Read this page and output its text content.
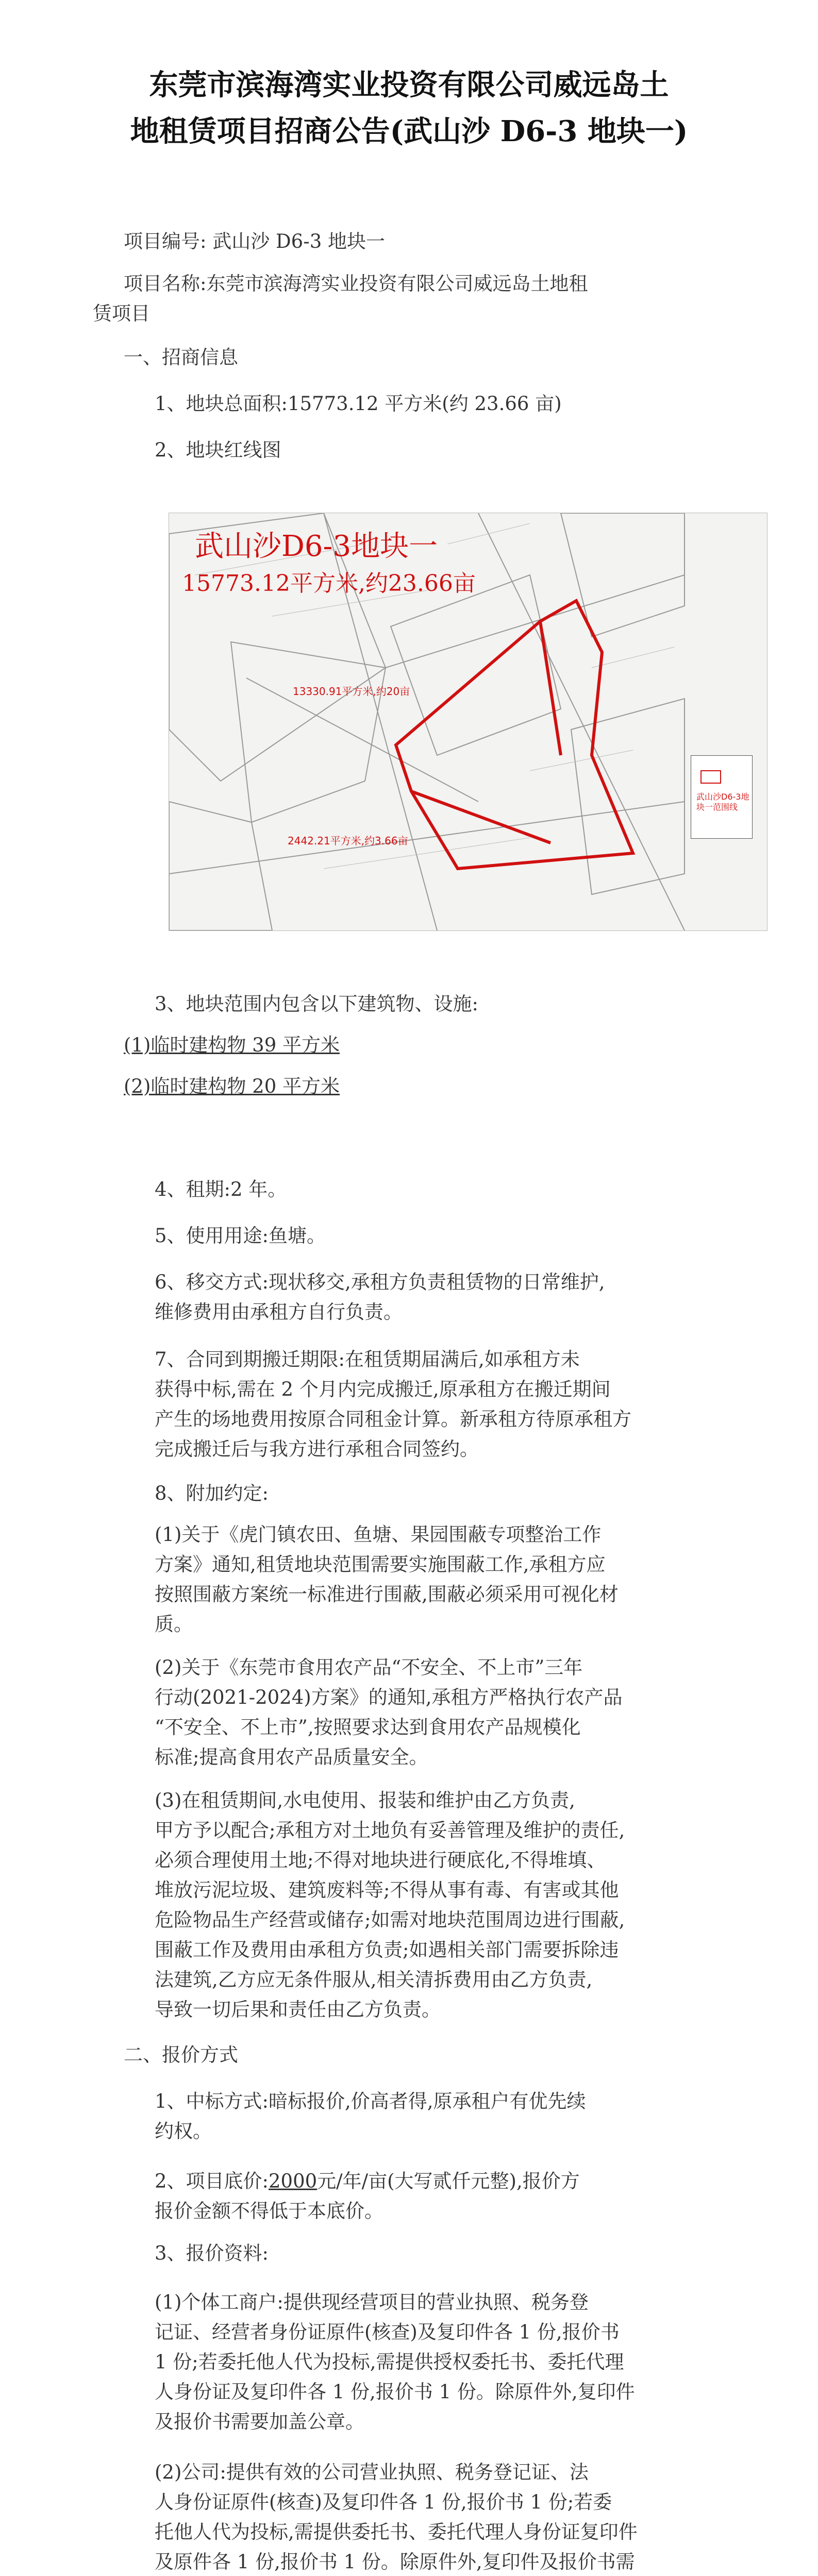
东莞市滨海湾实业投资有限公司威远岛土
地租赁项目招商公告(武山沙 D6-3 地块一)
项目编号: 武山沙 D6-3 地块一
项目名称:东莞市滨海湾实业投资有限公司威远岛土地租
赁项目
一、招商信息
1、地块总面积:15773.12 平方米(约 23.66 亩)
2、地块红线图
武山沙D6-3地块一
15773.12平方米,约23.66亩
13330.91平方米,约20亩
2442.21平方米,约3.66亩
武山沙D6-3地块一范围线
3、地块范围内包含以下建筑物、设施:
(1)临时建构物 39 平方米
(2)临时建构物 20 平方米
4、租期:2 年。
5、使用用途:鱼塘。
6、移交方式:现状移交,承租方负责租赁物的日常维护,
维修费用由承租方自行负责。
7、合同到期搬迁期限:在租赁期届满后,如承租方未
获得中标,需在 2 个月内完成搬迁,原承租方在搬迁期间
产生的场地费用按原合同租金计算。新承租方待原承租方
完成搬迁后与我方进行承租合同签约。
8、附加约定:
(1)关于《虎门镇农田、鱼塘、果园围蔽专项整治工作
方案》通知,租赁地块范围需要实施围蔽工作,承租方应
按照围蔽方案统一标准进行围蔽,围蔽必须采用可视化材
质。
(2)关于《东莞市食用农产品“不安全、不上市”三年
行动(2021-2024)方案》的通知,承租方严格执行农产品
“不安全、不上市”,按照要求达到食用农产品规模化
标准;提高食用农产品质量安全。
(3)在租赁期间,水电使用、报装和维护由乙方负责,
甲方予以配合;承租方对土地负有妥善管理及维护的责任,
必须合理使用土地;不得对地块进行硬底化,不得堆填、
堆放污泥垃圾、建筑废料等;不得从事有毒、有害或其他
危险物品生产经营或储存;如需对地块范围周边进行围蔽,
围蔽工作及费用由承租方负责;如遇相关部门需要拆除违
法建筑,乙方应无条件服从,相关清拆费用由乙方负责,
导致一切后果和责任由乙方负责。
二、报价方式
1、中标方式:暗标报价,价高者得,原承租户有优先续
约权。
2、项目底价:2000元/年/亩(大写贰仟元整),报价方
报价金额不得低于本底价。
3、报价资料:
(1)个体工商户:提供现经营项目的营业执照、税务登
记证、经营者身份证原件(核查)及复印件各 1 份,报价书
1 份;若委托他人代为投标,需提供授权委托书、委托代理
人身份证及复印件各 1 份,报价书 1 份。除原件外,复印件
及报价书需要加盖公章。
(2)公司:提供有效的公司营业执照、税务登记证、法
人身份证原件(核查)及复印件各 1 份,报价书 1 份;若委
托他人代为投标,需提供委托书、委托代理人身份证复印件
及原件各 1 份,报价书 1 份。除原件外,复印件及报价书需
